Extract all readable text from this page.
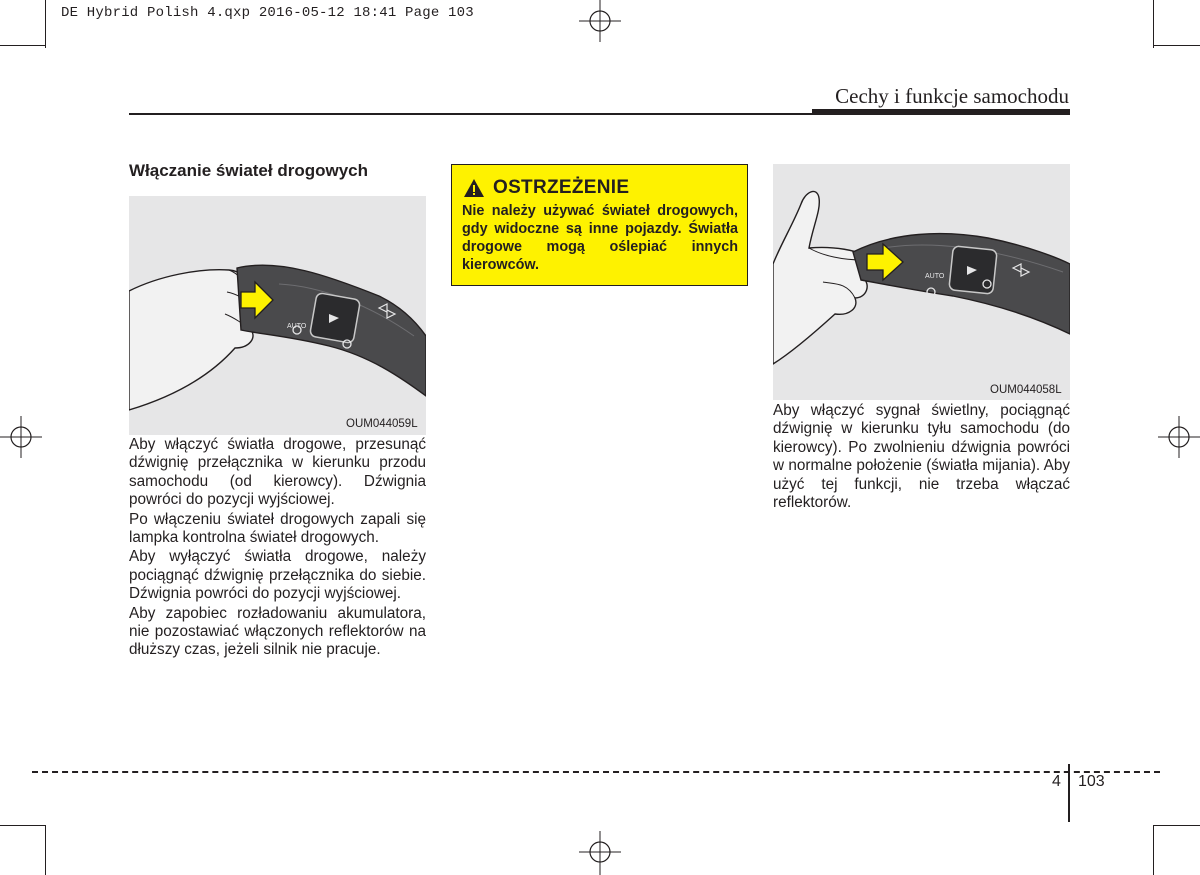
DE Hybrid Polish 4.qxp 2016-05-12 18:41 Page 103
Cechy i funkcje samochodu
Włączanie świateł drogowych
AUTO
OUM044059L

Aby włączyć światła drogowe, przesunąć dźwignię przełącznika w kierunku przodu samochodu (od kierowcy). Dźwignia powróci do pozycji wyjściowej.

Po włączeniu świateł drogowych zapali się lampka kontrolna świateł drogowych.

Aby wyłączyć światła drogowe, należy pociągnąć dźwignię przełącznika do siebie. Dźwignia powróci do pozycji wyjściowej.

Aby zapobiec rozładowaniu akumulatora, nie pozostawiać włączonych reflektorów na dłuższy czas, jeżeli silnik nie pracuje.

OSTRZEŻENIE

Nie należy używać świateł drogowych, gdy widoczne są inne pojazdy. Światła drogowe mogą oślepiać innych kierowców.

AUTO
OUM044058L

Aby włączyć sygnał świetlny, pociągnąć dźwignię w kierunku tyłu samochodu (do kierowcy). Po zwolnieniu dźwignia powróci w normalne położenie (światła mijania). Aby użyć tej funkcji, nie trzeba włączać reflektorów.

4 103
